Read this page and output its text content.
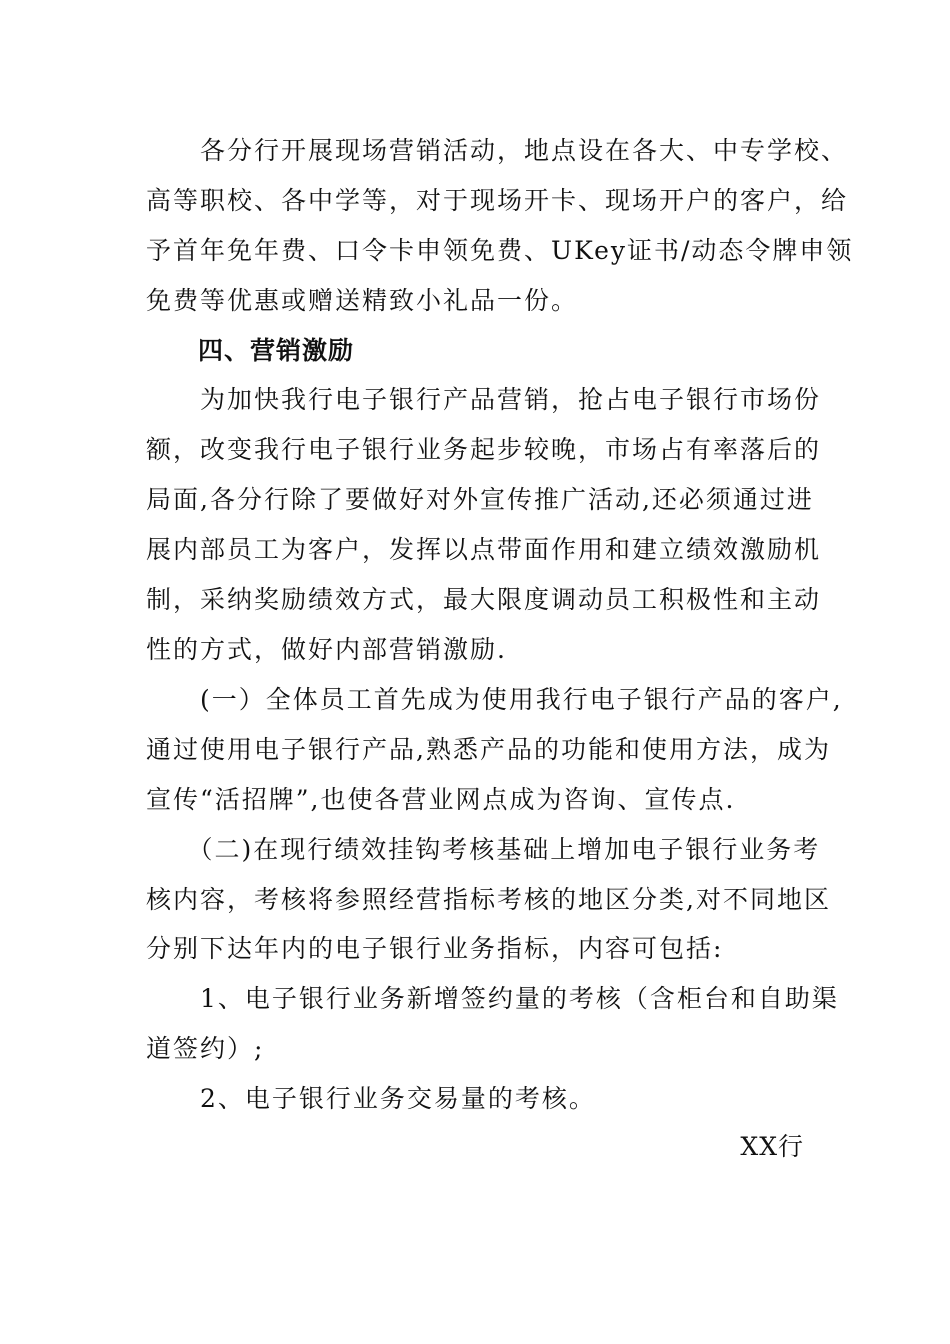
　　各分行开展现场营销活动，地点设在各大、中专学校、
高等职校、各中学等，对于现场开卡、现场开户的客户，给
予首年免年费、口令卡申领免费、UKey证书/动态令牌申领
免费等优惠或赠送精致小礼品一份。
　　四、营销激励
　　为加快我行电子银行产品营销，抢占电子银行市场份
额，改变我行电子银行业务起步较晚，市场占有率落后的
局面,各分行除了要做好对外宣传推广活动,还必须通过进
展内部员工为客户，发挥以点带面作用和建立绩效激励机
制，采纳奖励绩效方式，最大限度调动员工积极性和主动
性的方式，做好内部营销激励.
　　(一）全体员工首先成为使用我行电子银行产品的客户,
通过使用电子银行产品,熟悉产品的功能和使用方法，成为
宣传“活招牌”,也使各营业网点成为咨询、宣传点.
　　（二)在现行绩效挂钩考核基础上增加电子银行业务考
核内容，考核将参照经营指标考核的地区分类,对不同地区
分别下达年内的电子银行业务指标，内容可包括:
　　1、电子银行业务新增签约量的考核（含柜台和自助渠
道签约）;
　　2、电子银行业务交易量的考核。
XX行
